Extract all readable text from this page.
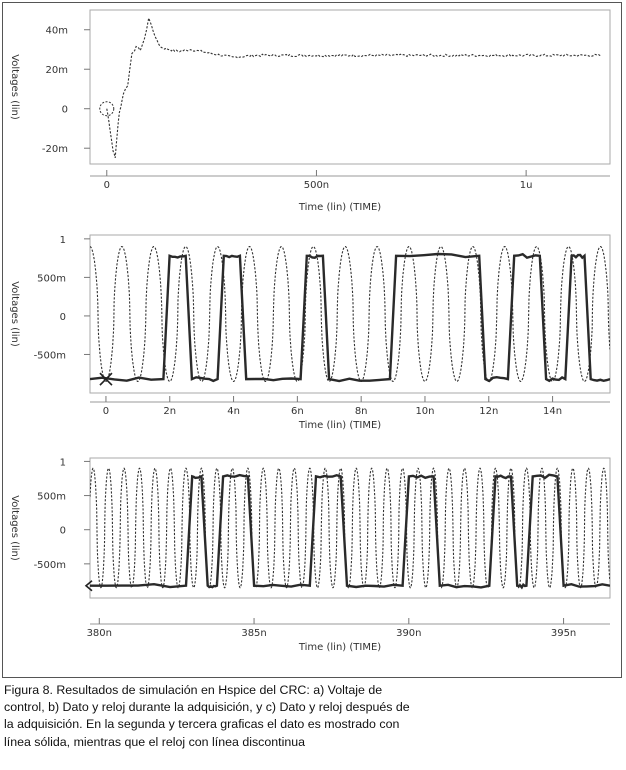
40m
20m
0
-20m
0	500n	1u
Time (lin) (TIME)
Voltages (lin)
1
500m
0
-500m
0	2n	4n	6n	8n	10n	12n	14n
Time (lin) (TIME)
Voltages (lin)
1
500m
0
-500m
380n	385n	390n	395n
Time (lin) (TIME)
Voltages (lin)
Figura 8. Resultados de simulación en Hspice del CRC: a) Voltaje de control, b) Dato y reloj durante la adquisición, y c) Dato y reloj después de la adquisición. En la segunda y tercera graficas el dato es mostrado con línea sólida, mientras que el reloj con línea discontinua
